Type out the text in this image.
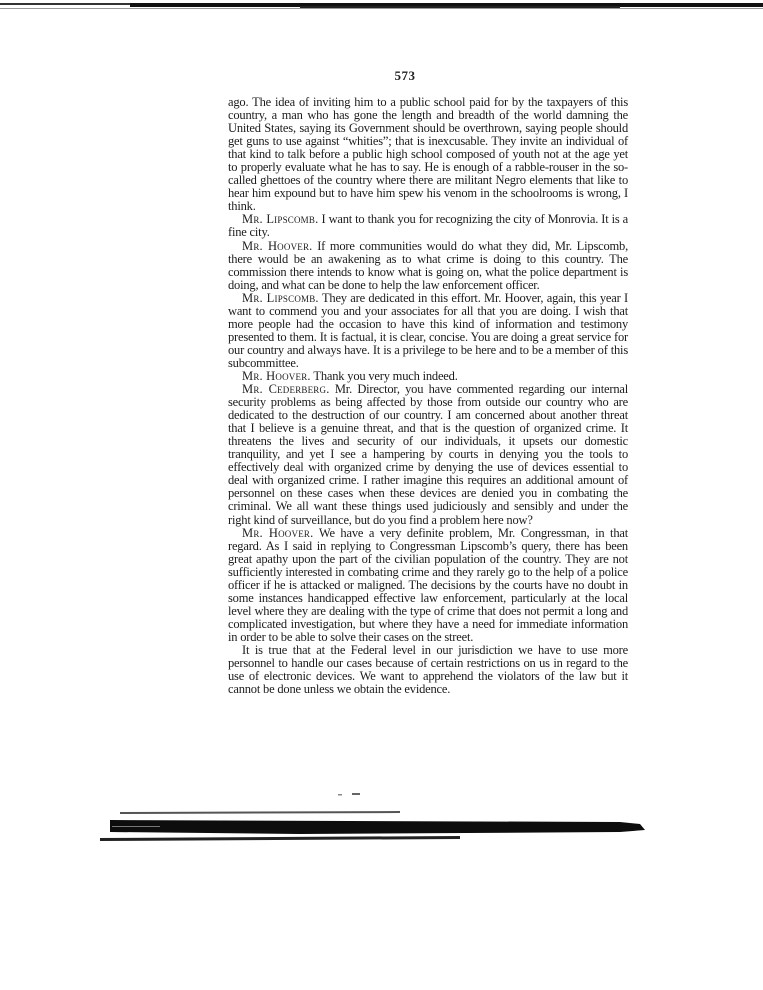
573

ago. The idea of inviting him to a public school paid for by the taxpayers of this country, a man who has gone the length and breadth of the world damning the United States, saying its Government should be overthrown, saying people should get guns to use against “whities”; that is inexcusable. They invite an individual of that kind to talk before a public high school composed of youth not at the age yet to properly evaluate what he has to say. He is enough of a rabble-rouser in the so-called ghettoes of the country where there are militant Negro elements that like to hear him expound but to have him spew his venom in the schoolrooms is wrong, I think.

Mr. Lipscomb. I want to thank you for recognizing the city of Monrovia. It is a fine city.

Mr. Hoover. If more communities would do what they did, Mr. Lipscomb, there would be an awakening as to what crime is doing to this country. The commission there intends to know what is going on, what the police department is doing, and what can be done to help the law enforcement officer.

Mr. Lipscomb. They are dedicated in this effort. Mr. Hoover, again, this year I want to commend you and your associates for all that you are doing. I wish that more people had the occasion to have this kind of information and testimony presented to them. It is factual, it is clear, concise. You are doing a great service for our country and always have. It is a privilege to be here and to be a member of this subcommittee.

Mr. Hoover. Thank you very much indeed.

Mr. Cederberg. Mr. Director, you have commented regarding our internal security problems as being affected by those from outside our country who are dedicated to the destruction of our country. I am concerned about another threat that I believe is a genuine threat, and that is the question of organized crime. It threatens the lives and security of our individuals, it upsets our domestic tranquility, and yet I see a hampering by courts in denying you the tools to effectively deal with organized crime by denying the use of devices essential to deal with organized crime. I rather imagine this requires an additional amount of personnel on these cases when these devices are denied you in combating the criminal. We all want these things used judiciously and sensibly and under the right kind of surveillance, but do you find a problem here now?

Mr. Hoover. We have a very definite problem, Mr. Congressman, in that regard. As I said in replying to Congressman Lipscomb’s query, there has been great apathy upon the part of the civilian population of the country. They are not sufficiently interested in combating crime and they rarely go to the help of a police officer if he is attacked or maligned. The decisions by the courts have no doubt in some instances handicapped effective law enforcement, particularly at the local level where they are dealing with the type of crime that does not permit a long and complicated investigation, but where they have a need for immediate information in order to be able to solve their cases on the street.

It is true that at the Federal level in our jurisdiction we have to use more personnel to handle our cases because of certain restrictions on us in regard to the use of electronic devices. We want to apprehend the violators of the law but it cannot be done unless we obtain the evidence.
